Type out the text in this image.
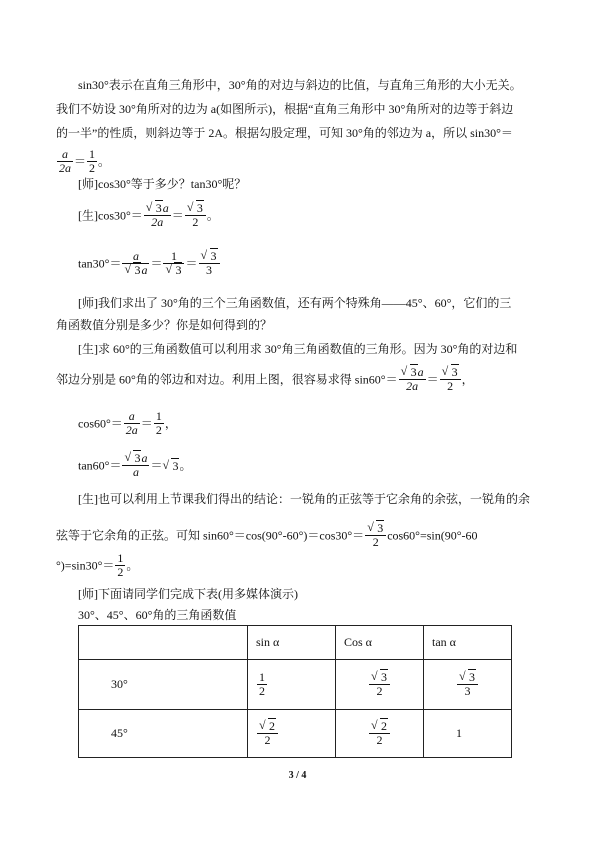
sin30°表示在直角三角形中，30°角的对边与斜边的比值，与直角三角形的大小无关。
我们不妨设 30°角所对的边为 a(如图所示)，根据“直角三角形中 30°角所对的边等于斜边
的一半”的性质，则斜边等于 2A。根据勾股定理，可知 30°角的邻边为 a，所以 sin30°＝
$\frac{a}{2a} = \frac{1}{2}$ 。
[师]cos30°等于多少？tan30°呢？
[生]cos30°＝ √ $\frac{3a}{2a}$ ＝ √ $\frac{3}{2}$ 。
tan30°＝ a
√ 3a ＝ 1
√ 3 ＝ √ $\frac{3}{3}$
[师]我们求出了 30°角的三个三角函数值，还有两个特殊角——45°、60°，它们的三
角函数值分别是多少？你是如何得到的？
[生]求 60°的三角函数值可以利用求 30°角三角函数值的三角形。因为 30°角的对边和
邻边分别是 60°角的邻边和对边。利用上图，很容易求得 sin60°＝ √ $\frac{3a}{2a}$ ＝ √ $\frac{3}{2}$ ，
$\cos 60^\circ= \frac{a}{2a} = \frac{1}{2}$ ，
tan60°＝ √ $\frac{3a}{a}$ ＝ √ 3。
[生]也可以利用上节课我们得出的结论：一锐角的正弦等于它余角的余弦，一锐角的余
弦等于它余角的正弦。可知 sin60°＝cos(90°-60°)＝cos30°＝ √ $\frac{3}{2} \cos 60^\circ=\sin(90^\circ-60$
$^\circ)=\sin 30^\circ= \frac{1}{2}$ 。
[师]下面请同学们完成下表(用多媒体演示)
30°、45°、60°角的三角函数值
	sin α	Cos α	tan α
30°	$\frac{1}{2}$	√ $\frac{3}{2}$	√ $\frac{3}{3}$

45°	√ $\frac{2}{2}$	√ $\frac{2}{2}$	1
3 / 4
